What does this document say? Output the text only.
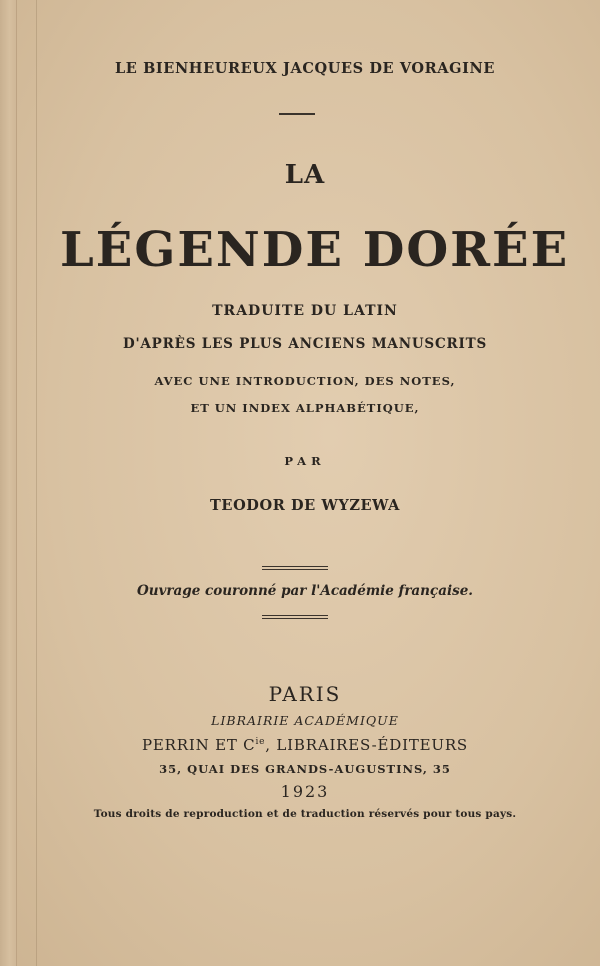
LE BIENHEUREUX JACQUES DE VORAGINE
LA
LÉGENDE DORÉE
TRADUITE DU LATIN
D'APRÈS LES PLUS ANCIENS MANUSCRITS
AVEC UNE INTRODUCTION, DES NOTES,
ET UN INDEX ALPHABÉTIQUE,
PAR
TEODOR DE WYZEWA
Ouvrage couronné par l'Académie française.
PARIS
LIBRAIRIE ACADÉMIQUE
PERRIN ET $C^{ie}$, LIBRAIRES-ÉDITEURS
35, QUAI DES GRANDS-AUGUSTINS, 35
1923
Tous droits de reproduction et de traduction réservés pour tous pays.
